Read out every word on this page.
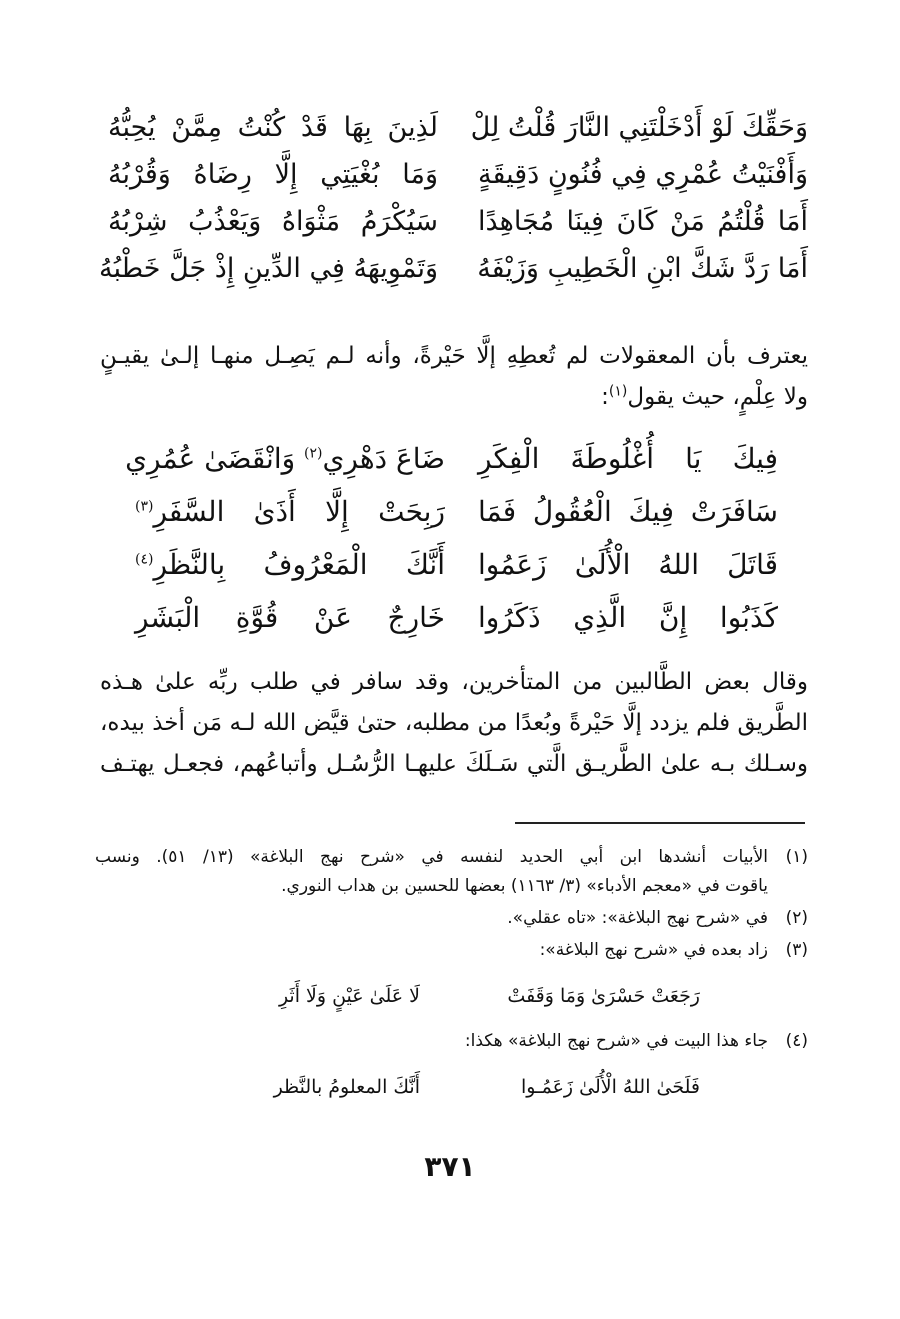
وَحَقِّكَ لَوْ أَدْخَلْتَنِي النَّارَ قُلْتُ لِلْ
لَذِينَ بِهَا قَدْ كُنْتُ مِمَّنْ يُحِبُّهُ
وَأَفْنَيْتُ عُمْرِي فِي فُنُونٍ دَقِيقَةٍ
وَمَا بُغْيَتِي إِلَّا رِضَاهُ وَقُرْبُهُ
أَمَا قُلْتُمُ مَنْ كَانَ فِينَا مُجَاهِدًا
سَيُكْرَمُ مَثْوَاهُ وَيَعْذُبُ شِرْبُهُ
أَمَا رَدَّ شَكَّ ابْنِ الْخَطِيبِ وَزَيْفَهُ
وَتَمْوِيهَهُ فِي الدِّينِ إِذْ جَلَّ خَطْبُهُ
يعترف بأن المعقولات لم تُعطِهِ إلَّا حَيْرةً، وأنه لـم يَصِـل منهـا إلـىٰ يقيـنٍ
ولا عِلْمٍ، حيث يقول$^{(١)}$:
فِيكَ يَا أُغْلُوطَةَ الْفِكَرِ
ضَاعَ دَهْرِي$^{(٢)}$ وَانْقَضَىٰ عُمُرِي
سَافَرَتْ فِيكَ الْعُقُولُ فَمَا
رَبِحَتْ إِلَّا أَذَىٰ السَّفَرِ$^{(٣)}$
قَاتَلَ اللهُ الْأُلَىٰ زَعَمُوا
أَنَّكَ الْمَعْرُوفُ بِالنَّظَرِ$^{(٤)}$
كَذَبُوا إِنَّ الَّذِي ذَكَرُوا
خَارِجٌ عَنْ قُوَّةِ الْبَشَرِ
وقال بعض الطَّالبين من المتأخرين، وقد سافر في طلب ربِّه علىٰ هـذه
الطَّريق فلم يزدد إلَّا حَيْرةً وبُعدًا من مطلبه، حتىٰ قيَّض الله لـه مَن أخذ بيده،
وسـلك بـه علىٰ الطَّريـق الَّتي سَـلَكَ عليهـا الرُّسُـل وأتباعُهم، فجعـل يهتـف
(١)الأبيات أنشدها ابن أبي الحديد لنفسه في «شرح نهج البلاغة» (١٣/ ٥١). ونسب
ياقوت في «معجم الأدباء» (٣/ ١١٦٣) بعضها للحسين بن هداب النوري.
(٢)في «شرح نهج البلاغة»: «تاه عقلي».
(٣)زاد بعده في «شرح نهج البلاغة»:
رَجَعَتْ حَسْرَىٰ وَمَا وَقَفَتْ
لَا عَلَىٰ عَيْنٍ وَلَا أَثَرِ
(٤)جاء هذا البيت في «شرح نهج البلاغة» هكذا:
فَلَحَىٰ اللهُ الْأُلَىٰ زَعَمُـوا
أَنَّكَ المعلومُ بالنَّظر
٣٧١
